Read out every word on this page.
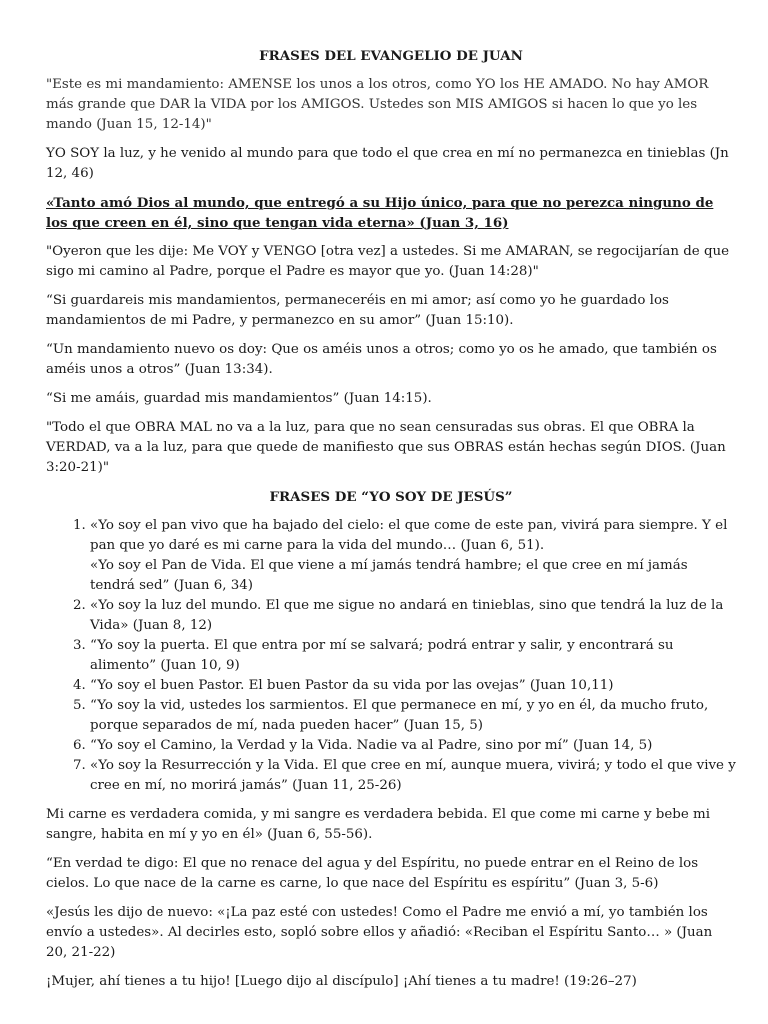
FRASES DEL EVANGELIO DE JUAN

"Este es mi mandamiento: AMENSE los unos a los otros, como YO los HE AMADO. No hay AMOR más grande que DAR la VIDA por los AMIGOS. Ustedes son MIS AMIGOS si hacen lo que yo les mando (Juan 15, 12-14)"

YO SOY la luz, y he venido al mundo para que todo el que crea en mí no permanezca en tinieblas (Jn 12, 46)

«Tanto amó Dios al mundo, que entregó a su Hijo único, para que no perezca ninguno de los que creen en él, sino que tengan vida eterna» (Juan 3, 16)

"Oyeron que les dije: Me VOY y VENGO [otra vez] a ustedes. Si me AMARAN, se regocijarían de que sigo mi camino al Padre, porque el Padre es mayor que yo. (Juan 14:28)"

“Si guardareis mis mandamientos, permaneceréis en mi amor; así como yo he guardado los mandamientos de mi Padre, y permanezco en su amor” (Juan 15:10).

“Un mandamiento nuevo os doy: Que os améis unos a otros; como yo os he amado, que también os améis unos a otros” (Juan 13:34).

“Si me amáis, guardad mis mandamientos” (Juan 14:15).

"Todo el que OBRA MAL no va a la luz, para que no sean censuradas sus obras. El que OBRA la VERDAD, va a la luz, para que quede de manifiesto que sus OBRAS están hechas según DIOS. (Juan 3:20-21)"

FRASES DE “YO SOY DE JESÚS”
1. «Yo soy el pan vivo que ha bajado del cielo: el que come de este pan, vivirá para siempre. Y el pan que yo daré es mi carne para la vida del mundo… (Juan 6, 51).
«Yo soy el Pan de Vida. El que viene a mí jamás tendrá hambre; el que cree en mí jamás tendrá sed” (Juan 6, 34)
2. «Yo soy la luz del mundo. El que me sigue no andará en tinieblas, sino que tendrá la luz de la Vida» (Juan 8, 12)
3. “Yo soy la puerta. El que entra por mí se salvará; podrá entrar y salir, y encontrará su alimento” (Juan 10, 9)
4. “Yo soy el buen Pastor. El buen Pastor da su vida por las ovejas” (Juan 10,11)
5. “Yo soy la vid, ustedes los sarmientos. El que permanece en mí, y yo en él, da mucho fruto, porque separados de mí, nada pueden hacer” (Juan 15, 5)
6. “Yo soy el Camino, la Verdad y la Vida. Nadie va al Padre, sino por mí” (Juan 14, 5)
7. «Yo soy la Resurrección y la Vida. El que cree en mí, aunque muera, vivirá; y todo el que vive y cree en mí, no morirá jamás” (Juan 11, 25-26)

Mi carne es verdadera comida, y mi sangre es verdadera bebida. El que come mi carne y bebe mi sangre, habita en mí y yo en él» (Juan 6, 55-56).

“En verdad te digo: El que no renace del agua y del Espíritu, no puede entrar en el Reino de los cielos. Lo que nace de la carne es carne, lo que nace del Espíritu es espíritu” (Juan 3, 5-6)

«Jesús les dijo de nuevo: «¡La paz esté con ustedes! Como el Padre me envió a mí, yo también los envío a ustedes». Al decirles esto, sopló sobre ellos y añadió: «Reciban el Espíritu Santo… » (Juan 20, 21-22)

¡Mujer, ahí tienes a tu hijo! [Luego dijo al discípulo] ¡Ahí tienes a tu madre! (19:26–27)
